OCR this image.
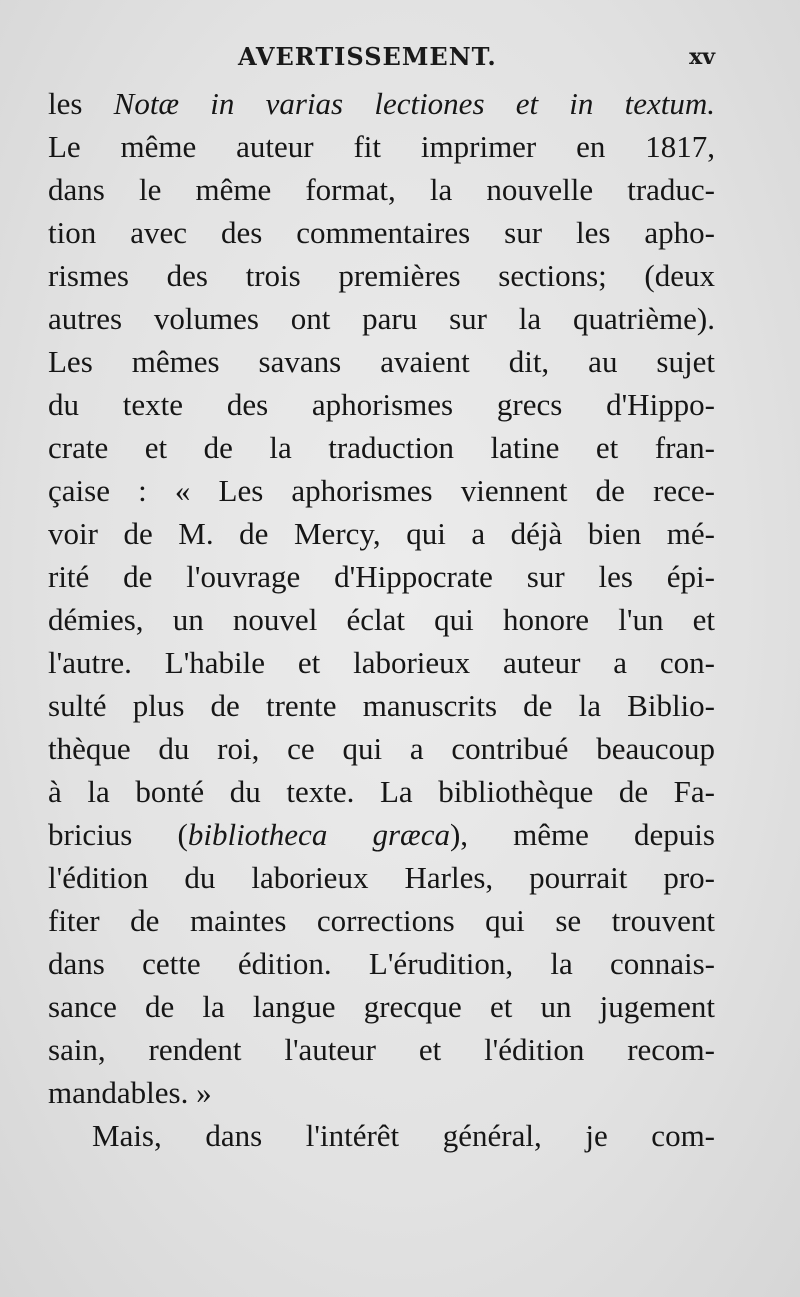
AVERTISSEMENT.	xv
les Notæ in varias lectiones et in textum.
Le même auteur fit imprimer en 1817,
dans le même format, la nouvelle traduc-
tion avec des commentaires sur les apho-
rismes des trois premières sections; (deux
autres volumes ont paru sur la quatrième).
Les mêmes savans avaient dit, au sujet
du texte des aphorismes grecs d'Hippo-
crate et de la traduction latine et fran-
çaise : « Les aphorismes viennent de rece-
voir de M. de Mercy, qui a déjà bien mé-
rité de l'ouvrage d'Hippocrate sur les épi-
démies, un nouvel éclat qui honore l'un et
l'autre. L'habile et laborieux auteur a con-
sulté plus de trente manuscrits de la Biblio-
thèque du roi, ce qui a contribué beaucoup
à la bonté du texte. La bibliothèque de Fa-
bricius (bibliotheca græca), même depuis
l'édition du laborieux Harles, pourrait pro-
fiter de maintes corrections qui se trouvent
dans cette édition. L'érudition, la connais-
sance de la langue grecque et un jugement
sain, rendent l'auteur et l'édition recom-
mandables. »
Mais, dans l'intérêt général, je com-
